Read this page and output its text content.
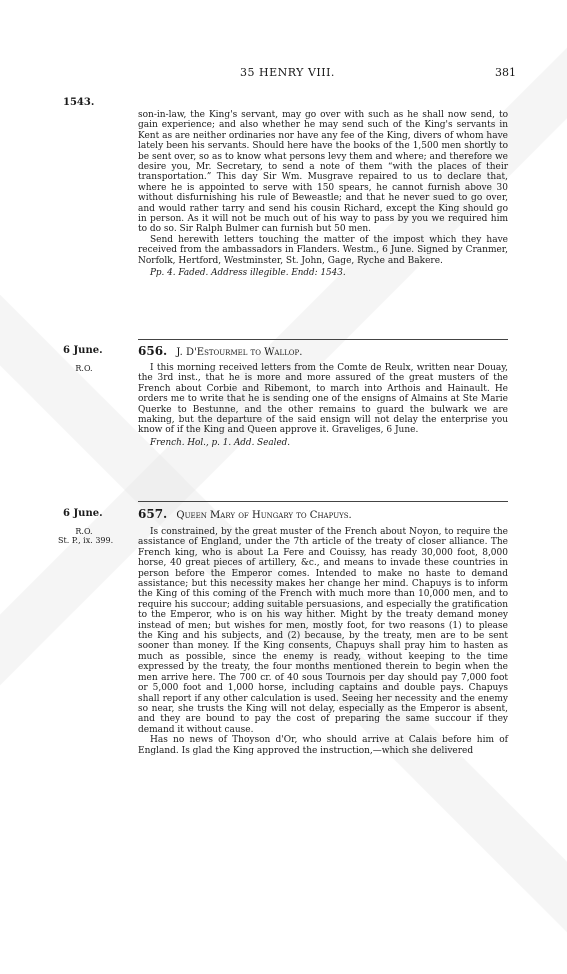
35 HENRY VIII.	381
1543.

son-in-law, the King's servant, may go over with such as he shall now send, to gain experience; and also whether he may send such of the King's servants in Kent as are neither ordinaries nor have any fee of the King, divers of whom have lately been his servants. Should here have the books of the 1,500 men shortly to be sent over, so as to know what persons levy them and where; and therefore we desire you, Mr. Secretary, to send a note of them “with the places of their transportation.” This day Sir Wm. Musgrave repaired to us to declare that, where he is appointed to serve with 150 spears, he cannot furnish above 30 without disfurnishing his rule of Beweastle; and that he never sued to go over, and would rather tarry and send his cousin Richard, except the King should go in person. As it will not be much out of his way to pass by you we required him to do so. Sir Ralph Bulmer can furnish but 50 men.

Send herewith letters touching the matter of the impost which they have received from the ambassadors in Flanders. Westm., 6 June. Signed by Cranmer, Norfolk, Hertford, Westminster, St. John, Gage, Ryche and Bakere.

Pp. 4. Faded. Address illegible. Endd: 1543.

6 June.
R.O.
656. J. D'Estourmel to Wallop.

I this morning received letters from the Comte de Reulx, written near Douay, the 3rd inst., that he is more and more assured of the great musters of the French about Corbie and Ribemont, to march into Arthois and Hainault. He orders me to write that he is sending one of the ensigns of Almains at Ste Marie Querke to Bestunne, and the other remains to guard the bulwark we are making, but the departure of the said ensign will not delay the enterprise you know of if the King and Queen approve it. Graveliges, 6 June.

French. Hol., p. 1. Add. Sealed.

6 June.
R.O.
St. P., ix. 399.
657. Queen Mary of Hungary to Chapuys.

Is constrained, by the great muster of the French about Noyon, to require the assistance of England, under the 7th article of the treaty of closer alliance. The French king, who is about La Fere and Couissy, has ready 30,000 foot, 8,000 horse, 40 great pieces of artillery, &c., and means to invade these countries in person before the Emperor comes. Intended to make no haste to demand assistance; but this necessity makes her change her mind. Chapuys is to inform the King of this coming of the French with much more than 10,000 men, and to require his succour; adding suitable persuasions, and especially the gratification to the Emperor, who is on his way hither. Might by the treaty demand money instead of men; but wishes for men, mostly foot, for two reasons (1) to please the King and his subjects, and (2) because, by the treaty, men are to be sent sooner than money. If the King consents, Chapuys shall pray him to hasten as much as possible, since the enemy is ready, without keeping to the time expressed by the treaty, the four months mentioned therein to begin when the men arrive here. The 700 cr. of 40 sous Tournois per day should pay 7,000 foot or 5,000 foot and 1,000 horse, including captains and double pays. Chapuys shall report if any other calculation is used. Seeing her necessity and the enemy so near, she trusts the King will not delay, especially as the Emperor is absent, and they are bound to pay the cost of preparing the same succour if they demand it without cause.

Has no news of Thoyson d'Or, who should arrive at Calais before him of England. Is glad the King approved the instruction,—which she delivered
